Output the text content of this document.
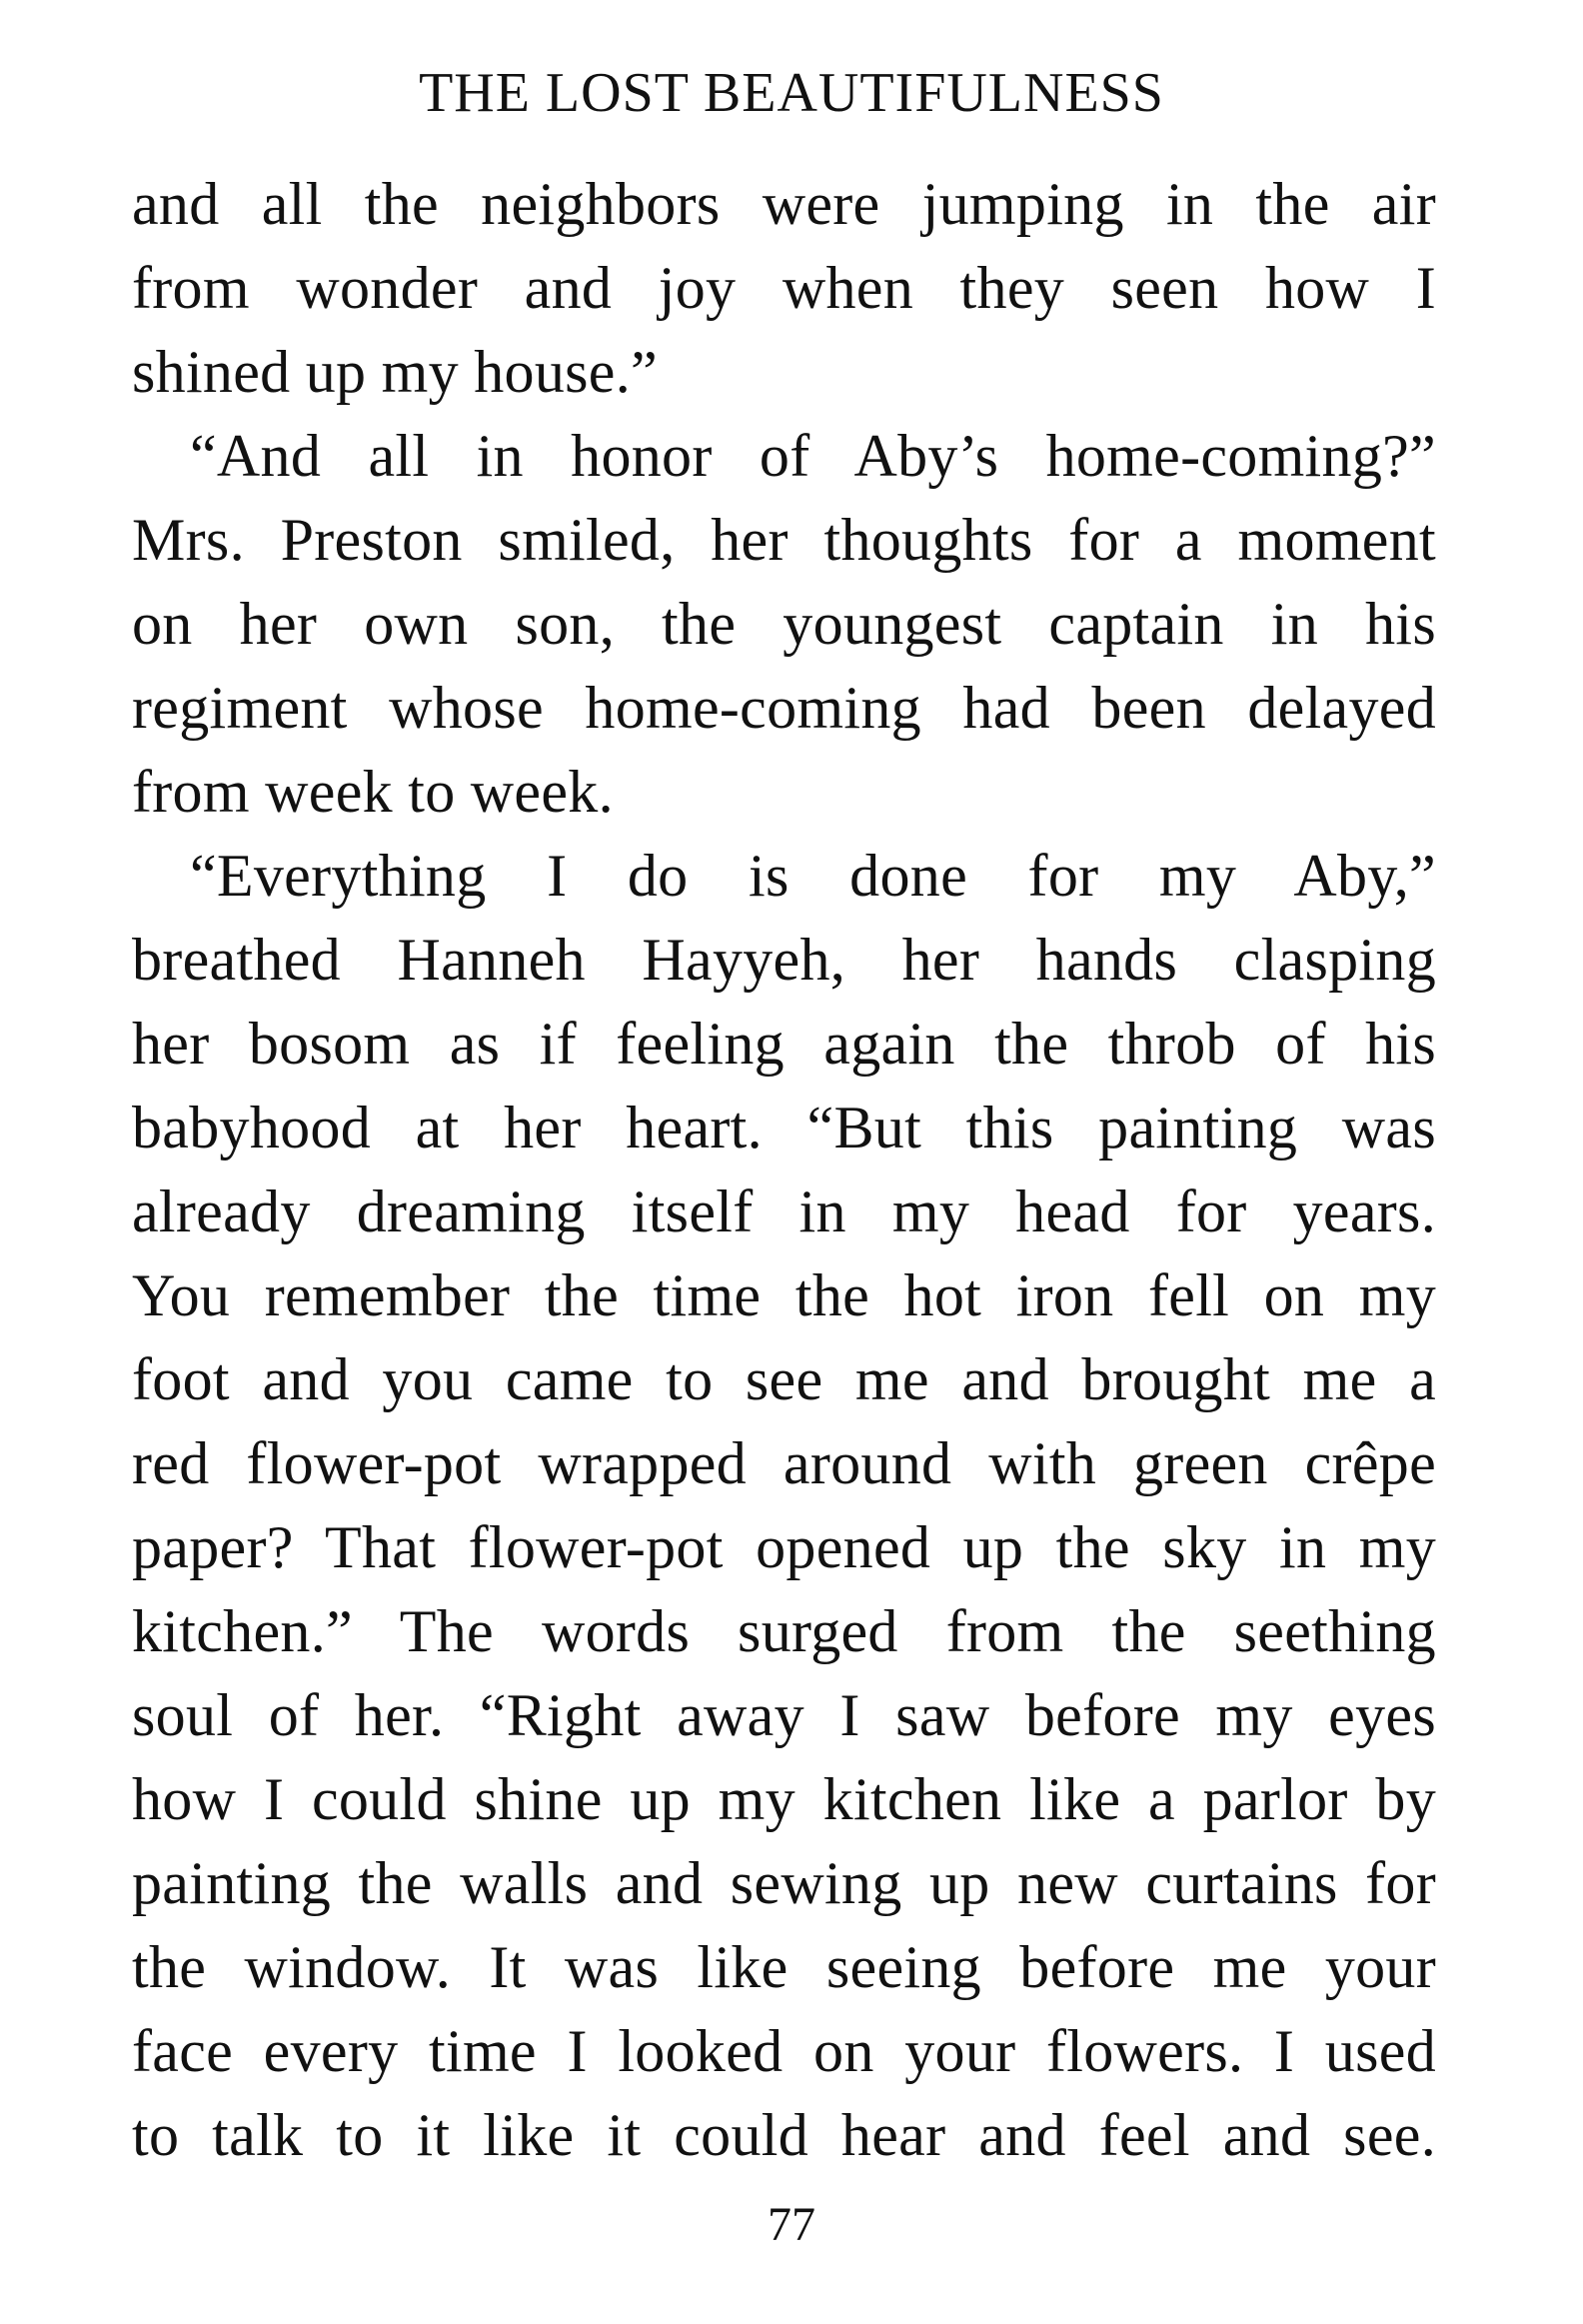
THE LOST BEAUTIFULNESS
and all the neighbors were jumping in the air
from wonder and joy when they seen how I
shined up my house.”
“And all in honor of Aby’s home-coming?”
Mrs. Preston smiled, her thoughts for a moment
on her own son, the youngest captain in his
regiment whose home-coming had been delayed
from week to week.
“Everything I do is done for my Aby,”
breathed Hanneh Hayyeh, her hands clasping
her bosom as if feeling again the throb of his
babyhood at her heart. “But this painting was
already dreaming itself in my head for years.
You remember the time the hot iron fell on my
foot and you came to see me and brought me a
red flower-pot wrapped around with green crêpe
paper? That flower-pot opened up the sky in my
kitchen.” The words surged from the seething
soul of her. “Right away I saw before my eyes
how I could shine up my kitchen like a parlor by
painting the walls and sewing up new curtains for
the window. It was like seeing before me your
face every time I looked on your flowers. I used
to talk to it like it could hear and feel and see.
77
